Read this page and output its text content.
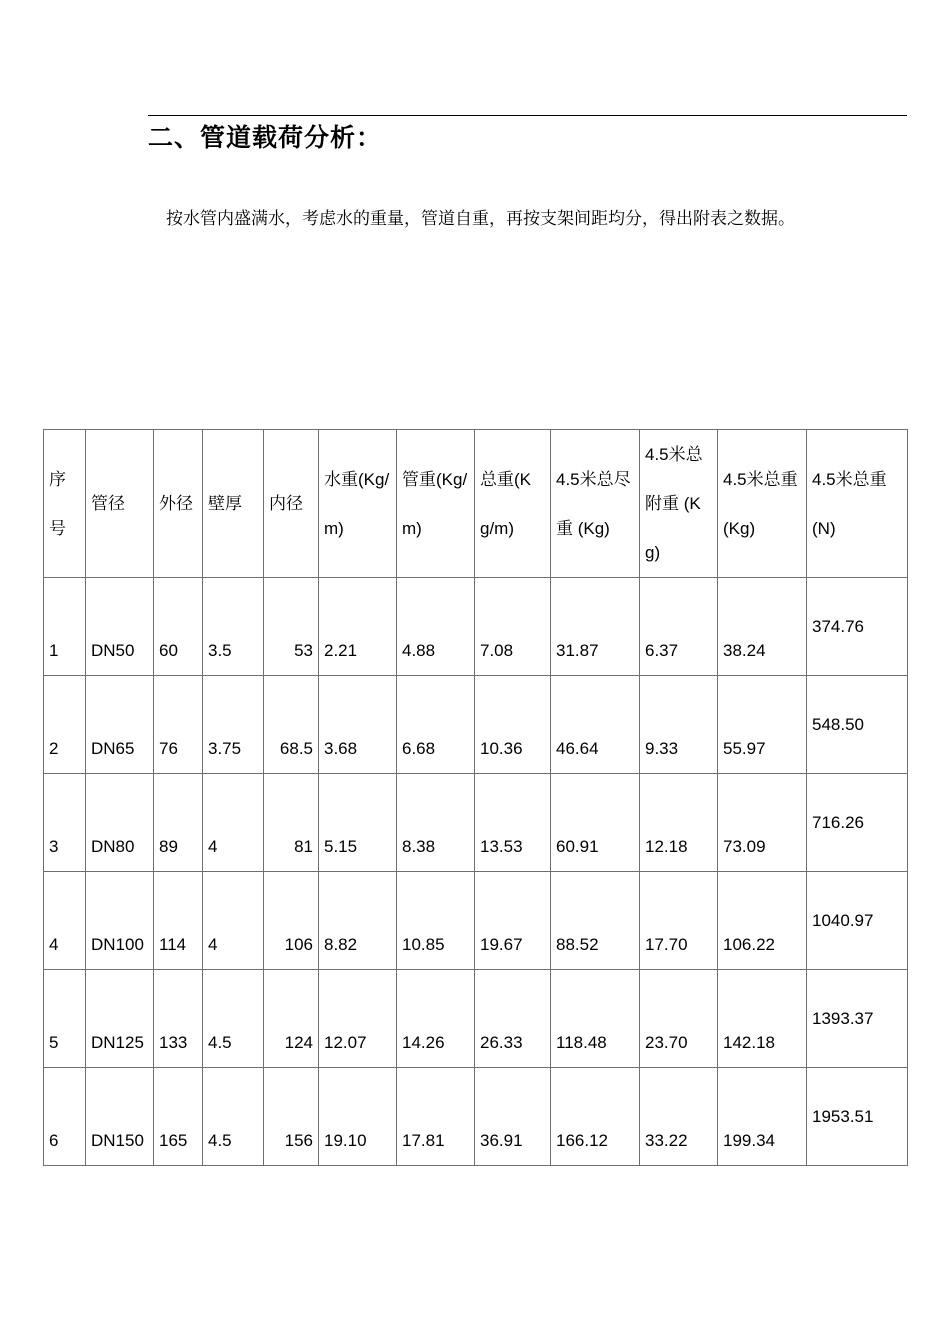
二、管道载荷分析：
按水管内盛满水，考虑水的重量，管道自重，再按支架间距均分，得出附表之数据。
序号	管径	外径	壁厚	内径	水重(Kg/m)	管重(Kg/m)	总重(Kg/m)	4.5米总尽重 (Kg)	4.5米总附重 (Kg)	4.5米总重(Kg)	4.5米总重(N)
1	DN50	60	3.5	53	2.21	4.88	7.08	31.87	6.37	38.24	374.76
2	DN65	76	3.75	68.5	3.68	6.68	10.36	46.64	9.33	55.97	548.50
3	DN80	89	4	81	5.15	8.38	13.53	60.91	12.18	73.09	716.26
4	DN100	114	4	106	8.82	10.85	19.67	88.52	17.70	106.22	1040.97
5	DN125	133	4.5	124	12.07	14.26	26.33	118.48	23.70	142.18	1393.37
6	DN150	165	4.5	156	19.10	17.81	36.91	166.12	33.22	199.34	1953.51
